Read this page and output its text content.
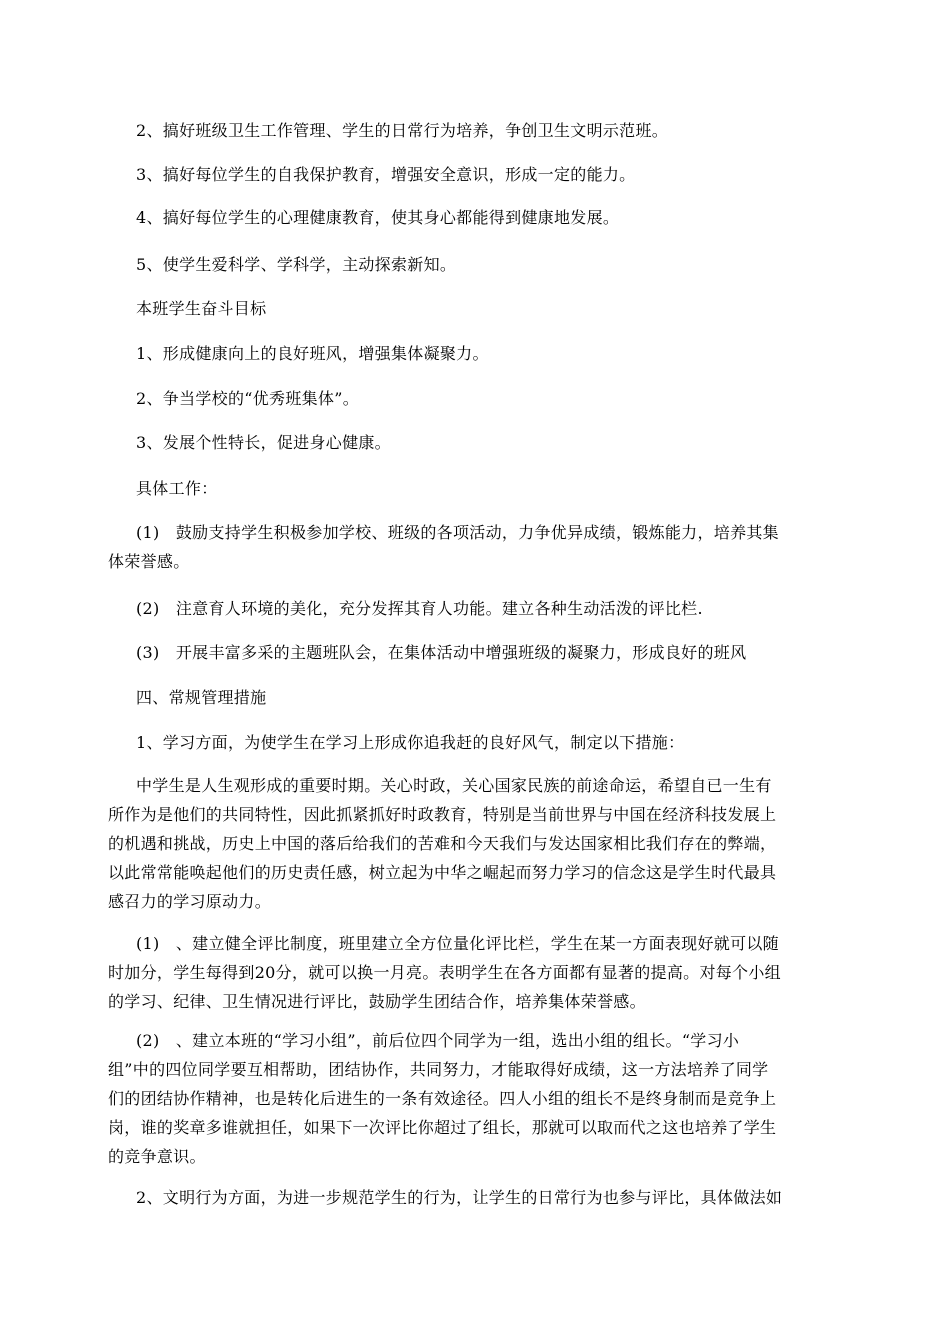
2、搞好班级卫生工作管理、学生的日常行为培养，争创卫生文明示范班。
3、搞好每位学生的自我保护教育，增强安全意识，形成一定的能力。
4、搞好每位学生的心理健康教育，使其身心都能得到健康地发展。
5、使学生爱科学、学科学，主动探索新知。
本班学生奋斗目标
1、形成健康向上的良好班风，增强集体凝聚力。
2、争当学校的“优秀班集体”。
3、发展个性特长，促进身心健康。
具体工作：
(1)　鼓励支持学生积极参加学校、班级的各项活动，力争优异成绩，锻炼能力，培养其集
体荣誉感。
(2)　注意育人环境的美化，充分发挥其育人功能。建立各种生动活泼的评比栏.
(3)　开展丰富多采的主题班队会，在集体活动中增强班级的凝聚力，形成良好的班风
四、常规管理措施
1、学习方面，为使学生在学习上形成你追我赶的良好风气，制定以下措施：
中学生是人生观形成的重要时期。关心时政，关心国家民族的前途命运，希望自已一生有
所作为是他们的共同特性，因此抓紧抓好时政教育，特别是当前世界与中国在经济科技发展上
的机遇和挑战，历史上中国的落后给我们的苦难和今天我们与发达国家相比我们存在的弊端，
以此常常能唤起他们的历史责任感，树立起为中华之崛起而努力学习的信念这是学生时代最具
感召力的学习原动力。
(1)　、建立健全评比制度，班里建立全方位量化评比栏，学生在某一方面表现好就可以随
时加分，学生每得到20分，就可以换一月亮。表明学生在各方面都有显著的提高。对每个小组
的学习、纪律、卫生情况进行评比，鼓励学生团结合作，培养集体荣誉感。
(2)　、建立本班的“学习小组”，前后位四个同学为一组，选出小组的组长。“学习小
组”中的四位同学要互相帮助，团结协作，共同努力，才能取得好成绩，这一方法培养了同学
们的团结协作精神，也是转化后进生的一条有效途径。四人小组的组长不是终身制而是竞争上
岗，谁的奖章多谁就担任，如果下一次评比你超过了组长，那就可以取而代之这也培养了学生
的竞争意识。
2、文明行为方面，为进一步规范学生的行为，让学生的日常行为也参与评比，具体做法如
